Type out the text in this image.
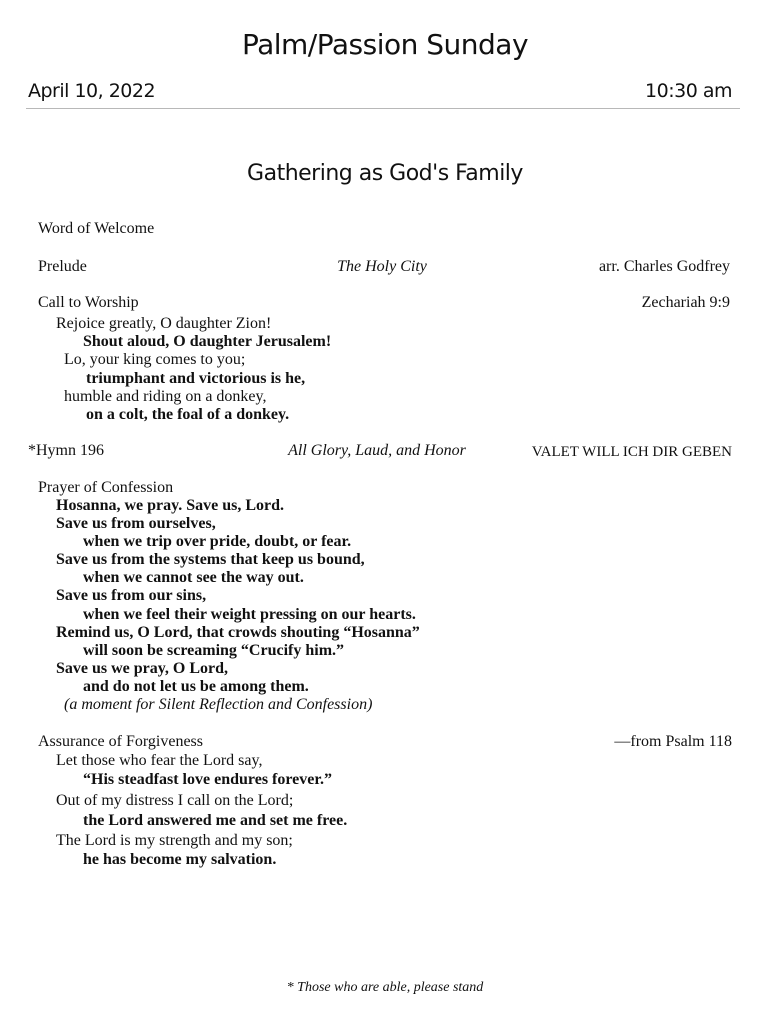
Palm/Passion Sunday
April 10, 2022	10:30 am
Gathering as God's Family
Word of Welcome
Prelude	The Holy City	arr. Charles Godfrey
Call to Worship	Zechariah 9:9
Rejoice greatly, O daughter Zion!
Shout aloud, O daughter Jerusalem!
Lo, your king comes to you;
triumphant and victorious is he,
humble and riding on a donkey,
on a colt, the foal of a donkey.
*Hymn 196	All Glory, Laud, and Honor	VALET WILL ICH DIR GEBEN
Prayer of Confession
Hosanna, we pray. Save us, Lord.
Save us from ourselves,
when we trip over pride, doubt, or fear.
Save us from the systems that keep us bound,
when we cannot see the way out.
Save us from our sins,
when we feel their weight pressing on our hearts.
Remind us, O Lord, that crowds shouting “Hosanna”
will soon be screaming “Crucify him.”
Save us we pray, O Lord,
and do not let us be among them.
(a moment for Silent Reflection and Confession)
Assurance of Forgiveness	—from Psalm 118
Let those who fear the Lord say,
“His steadfast love endures forever.”
Out of my distress I call on the Lord;
the Lord answered me and set me free.
The Lord is my strength and my son;
he has become my salvation.
* Those who are able, please stand
